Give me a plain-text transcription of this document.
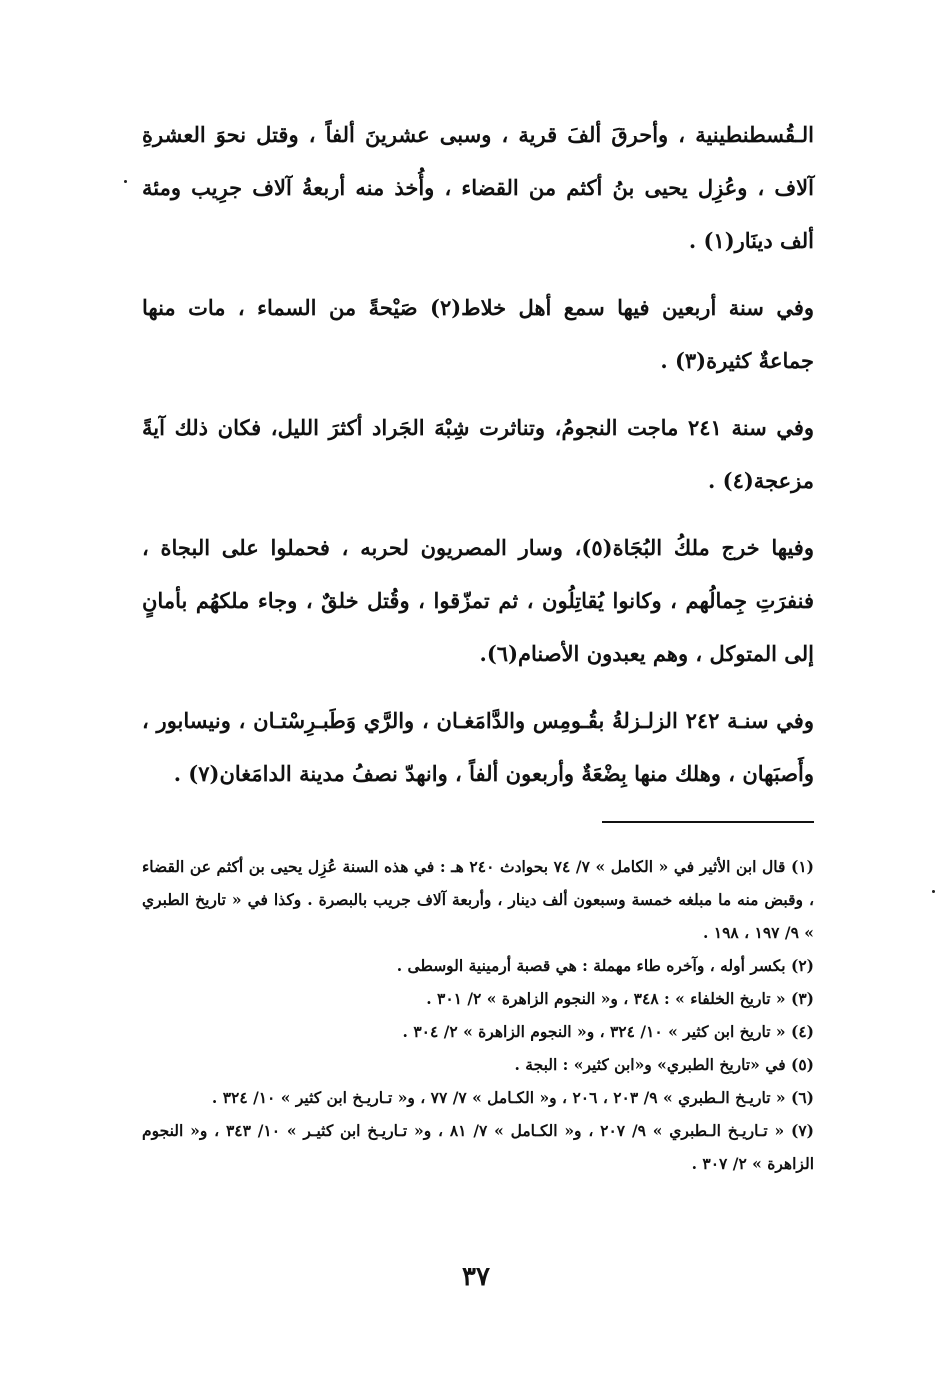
الـقُسطنطينية ، وأحرقَ ألفَ قرية ، وسبى عشرينَ ألفاً ، وقتل نحوَ العشرةِ آلاف ، وعُزِل يحيى بنُ أكثم من القضاء ، وأُخذ منه أربعةُ آلاف جرِيب ومئة ألف دينَار(١) .

وفي سنة أربعين فيها سمع أهل خلاط(٢) صَيْحةً من السماء ، مات منها جماعةٌ كثيرة(٣) .

وفي سنة ٢٤١ ماجت النجومُ، وتناثرت شِبْهَ الجَراد أكثرَ الليل، فكان ذلك آيةً مزعجة(٤) .

وفيها خرج ملكُ البُجَاة(٥)، وسار المصريون لحربه ، فحملوا على البجاة ، فنفرَتِ جِمالُهم ، وكانوا يُقاتِلُون ، ثم تمزّقوا ، وقُتل خلقٌ ، وجاء ملكهُم بأمانٍ إلى المتوكل ، وهم يعبدون الأصنام(٦).

وفي سنـة ٢٤٢ الزلـزلةُ بقُـومِس والدَّامَغـان ، والرَّي وَطَبـرِسْتـان ، ونيسابور ، وأَصبَهان ، وهلك منها بِضْعَةٌ وأربعون ألفاً ، وانهدّ نصفُ مدينة الدامَغان(٧) .

(١) قال ابن الأثير في « الكامل » ٧/ ٧٤ بحوادث ٢٤٠ هـ : في هذه السنة عُزِل يحيى بن أكثم عن القضاء ، وقبض منه ما مبلغه خمسة وسبعون ألف دينار ، وأربعة آلاف جريب بالبصرة . وكذا في « تاريخ الطبري » ٩/ ١٩٧ ، ١٩٨ .

(٢) بكسر أوله ، وآخره طاء مهملة : هي قصبة أرمينية الوسطى .

(٣) « تاريخ الخلفاء » : ٣٤٨ ، و« النجوم الزاهرة » ٢/ ٣٠١ .

(٤) « تاريخ ابن كثير » ١٠/ ٣٢٤ ، و« النجوم الزاهرة » ٢/ ٣٠٤ .

(٥) في «تاريخ الطبري» و«ابن كثير» : البجة .

(٦) « تاريـخ الـطبري » ٩/ ٢٠٣ ، ٢٠٦ ، و« الكـامل » ٧/ ٧٧ ، و« تـاريـخ ابن كثير » ١٠/ ٣٢٤ .

(٧) « تـاريـخ الـطبري » ٩/ ٢٠٧ ، و« الكـامل » ٧/ ٨١ ، و« تـاريـخ ابن كثيـر » ١٠/ ٣٤٣ ، و« النجوم الزاهرة » ٢/ ٣٠٧ .

٣٧
